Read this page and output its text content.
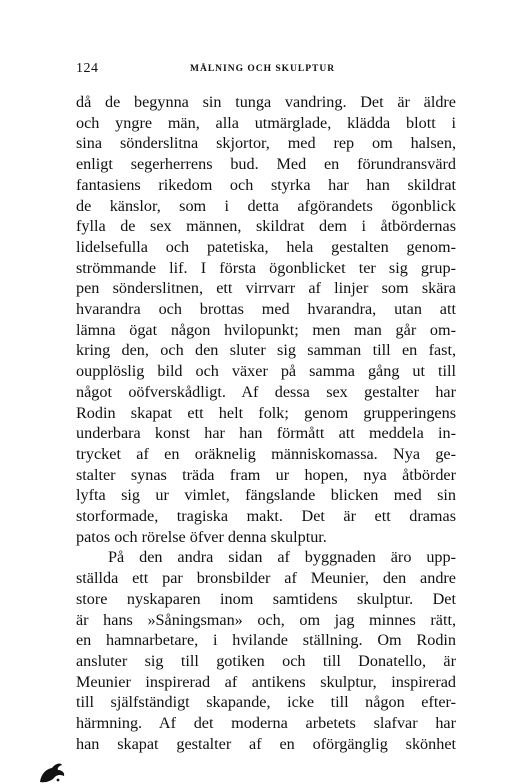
124	MÅLNING OCH SKULPTUR
då de begynna sin tunga vandring. Det är äldre
och yngre män, alla utmärglade, klädda blott i
sina sönderslitna skjortor, med rep om halsen,
enligt segerherrens bud. Med en förundransvärd
fantasiens rikedom och styrka har han skildrat
de känslor, som i detta afgörandets ögonblick
fylla de sex männen, skildrat dem i åtbördernas
lidelsefulla och patetiska, hela gestalten genom-
strömmande lif. I första ögonblicket ter sig grup-
pen sönderslitnen, ett virrvarr af linjer som skära
hvarandra och brottas med hvarandra, utan att
lämna ögat någon hvilopunkt; men man går om-
kring den, och den sluter sig samman till en fast,
oupplöslig bild och växer på samma gång ut till
något oöfverskådligt. Af dessa sex gestalter har
Rodin skapat ett helt folk; genom grupperingens
underbara konst har han förmått att meddela in-
trycket af en oräknelig människomassa. Nya ge-
stalter synas träda fram ur hopen, nya åtbörder
lyfta sig ur vimlet, fängslande blicken med sin
storformade, tragiska makt. Det är ett dramas
patos och rörelse öfver denna skulptur.
På den andra sidan af byggnaden äro upp-
ställda ett par bronsbilder af Meunier, den andre
store nyskaparen inom samtidens skulptur. Det
är hans »Såningsman» och, om jag minnes rätt,
en hamnarbetare, i hvilande ställning. Om Rodin
ansluter sig till gotiken och till Donatello, är
Meunier inspirerad af antikens skulptur, inspirerad
till själfständigt skapande, icke till någon efter-
härmning. Af det moderna arbetets slafvar har
han skapat gestalter af en oförgänglig skönhet
